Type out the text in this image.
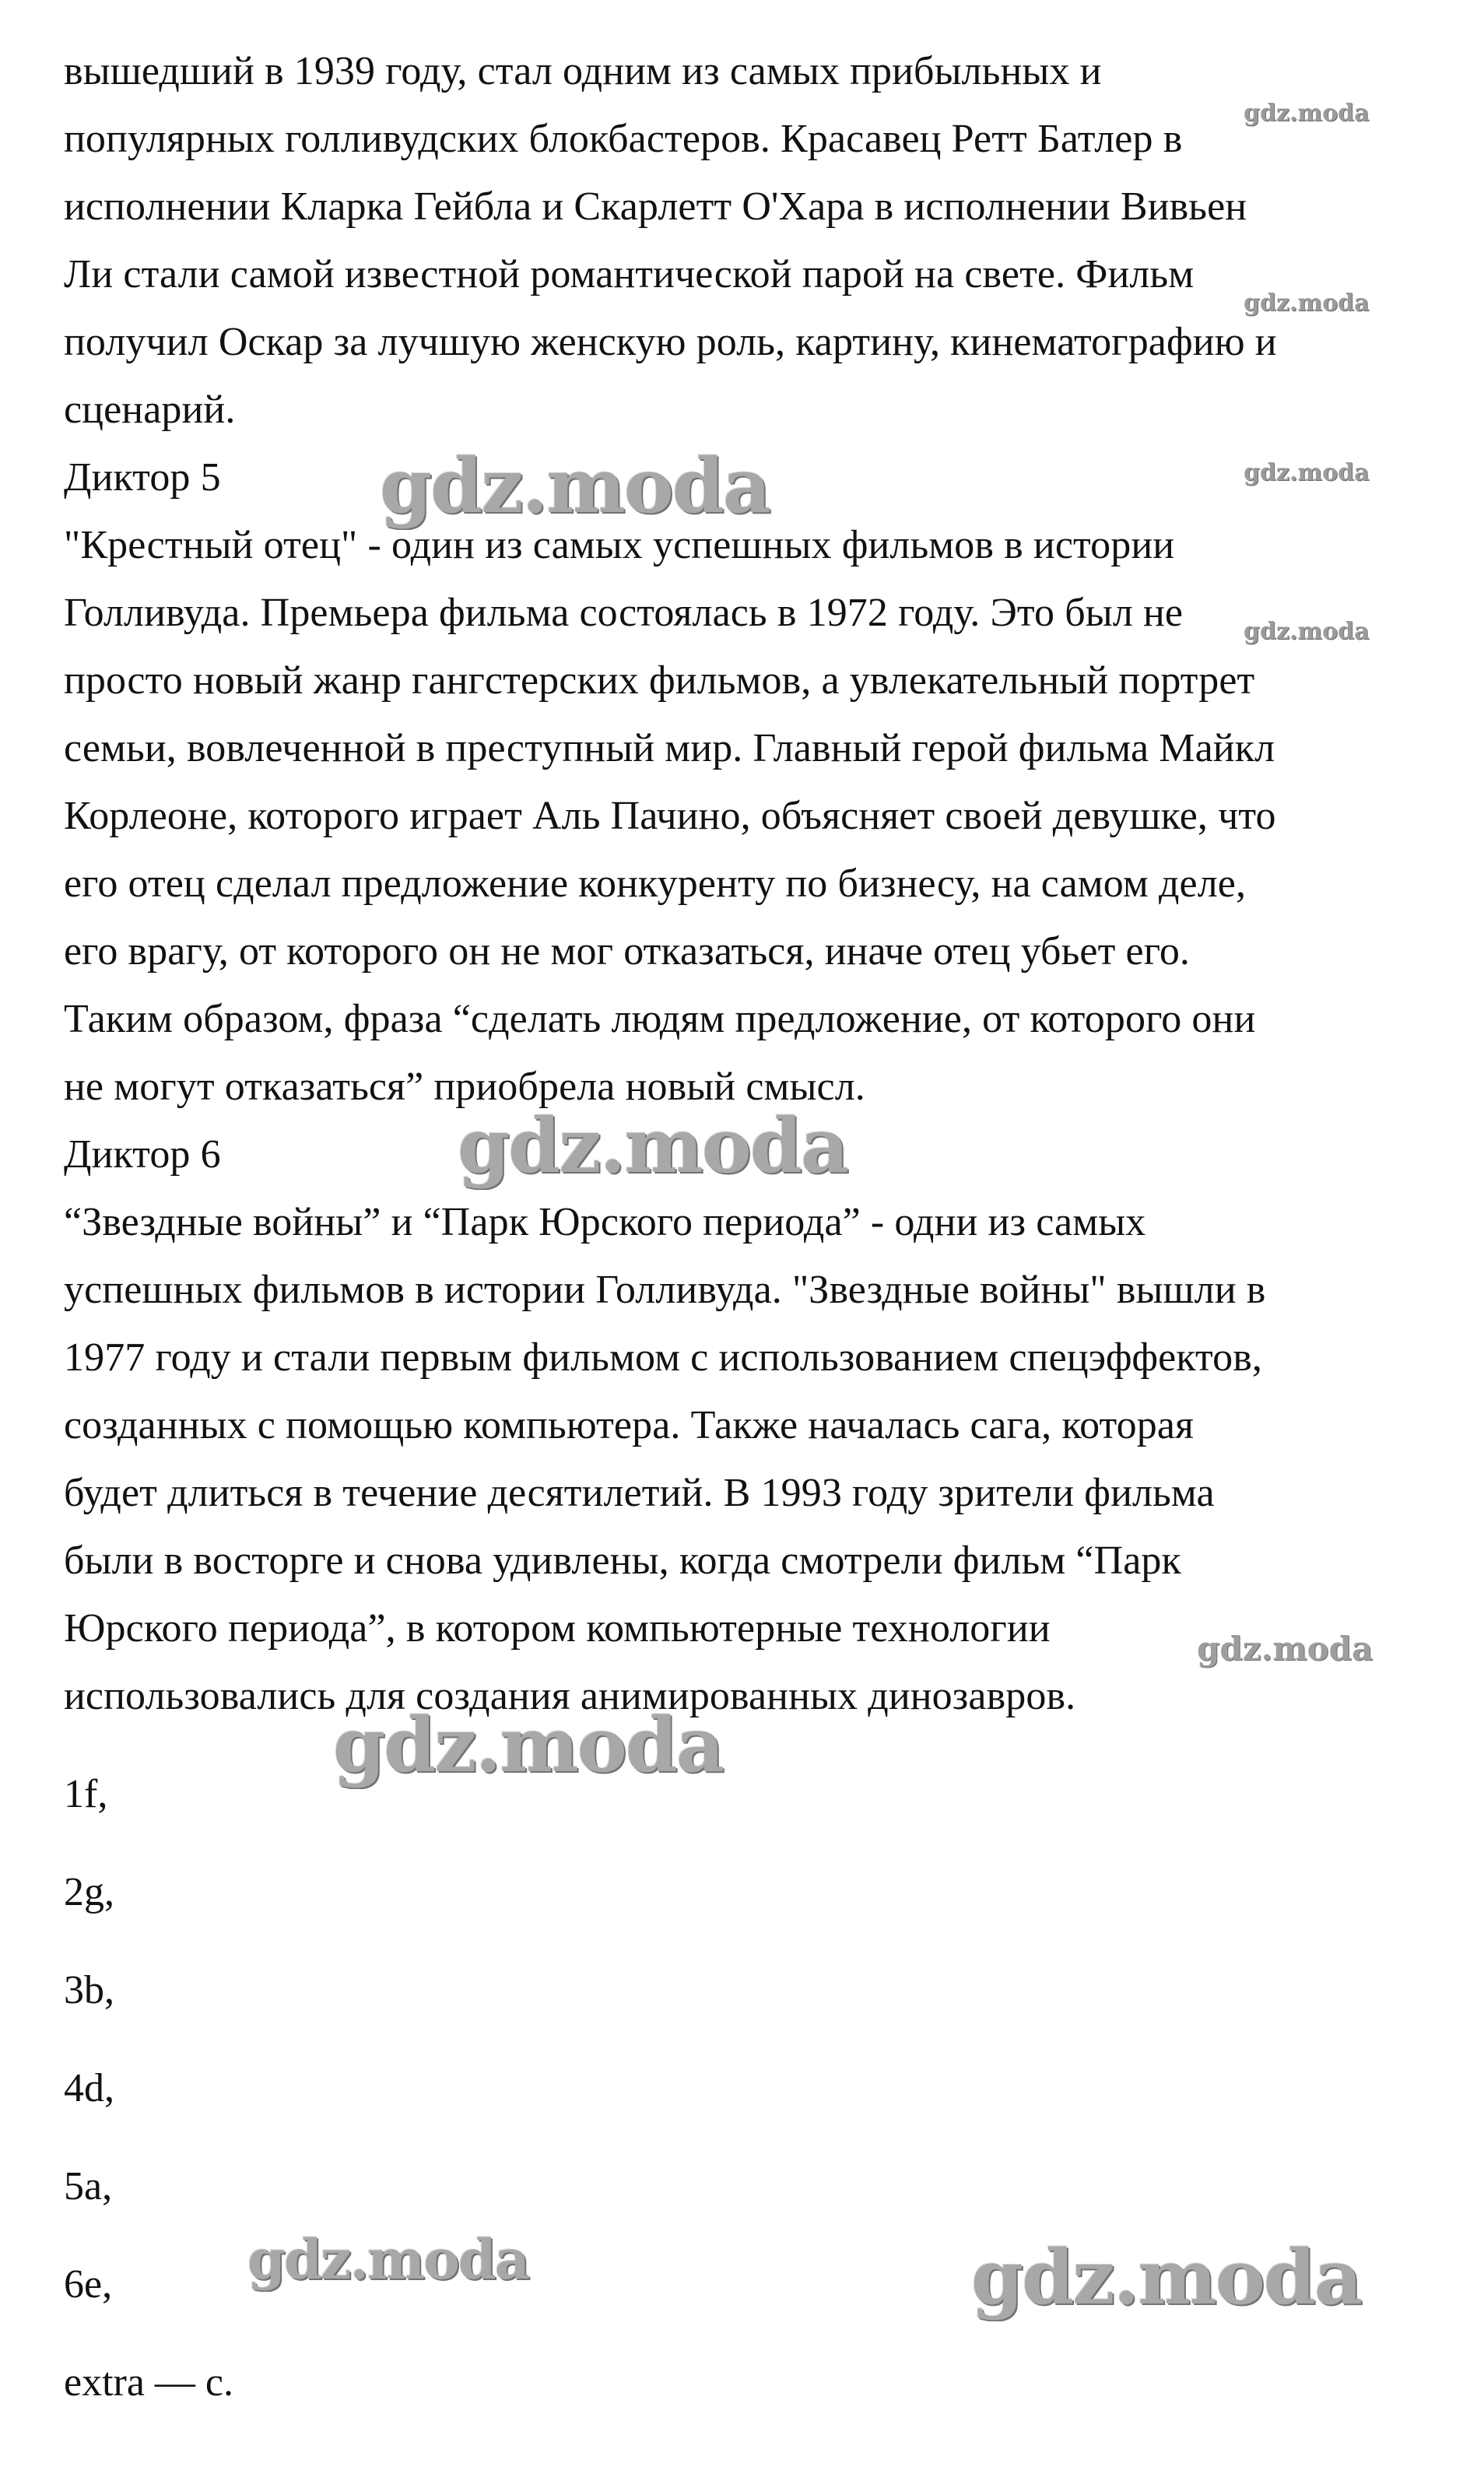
вышедший в 1939 году, стал одним из самых прибыльных и
популярных голливудских блокбастеров. Красавец Ретт Батлер в
исполнении Кларка Гейбла и Скарлетт О'Хара в исполнении Вивьен
Ли стали самой известной романтической парой на свете. Фильм
получил Оскар за лучшую женскую роль, картину, кинематографию и
сценарий.
Диктор 5
"Крестный отец" - один из самых успешных фильмов в истории
Голливуда. Премьера фильма состоялась в 1972 году. Это был не
просто новый жанр гангстерских фильмов, а увлекательный портрет
семьи, вовлеченной в преступный мир. Главный герой фильма Майкл
Корлеоне, которого играет Аль Пачино, объясняет своей девушке, что
его отец сделал предложение конкуренту по бизнесу, на самом деле,
его врагу, от которого он не мог отказаться, иначе отец убьет его.
Таким образом, фраза “сделать людям предложение, от которого они
не могут отказаться” приобрела новый смысл.
Диктор 6
“Звездные войны” и “Парк Юрского периода” - одни из самых
успешных фильмов в истории Голливуда. "Звездные войны" вышли в
1977 году и стали первым фильмом с использованием спецэффектов,
созданных с помощью компьютера. Также началась сага, которая
будет длиться в течение десятилетий. В 1993 году зрители фильма
были в восторге и снова удивлены, когда смотрели фильм “Парк
Юрского периода”, в котором компьютерные технологии
использовались для создания анимированных динозавров.
1f,
2g,
3b,
4d,
5a,
6e,
extra — c.
gdz.moda
gdz.moda
gdz.moda
gdz.moda
gdz.moda
gdz.moda
gdz.moda
gdz.moda
gdz.moda	gdz.moda
